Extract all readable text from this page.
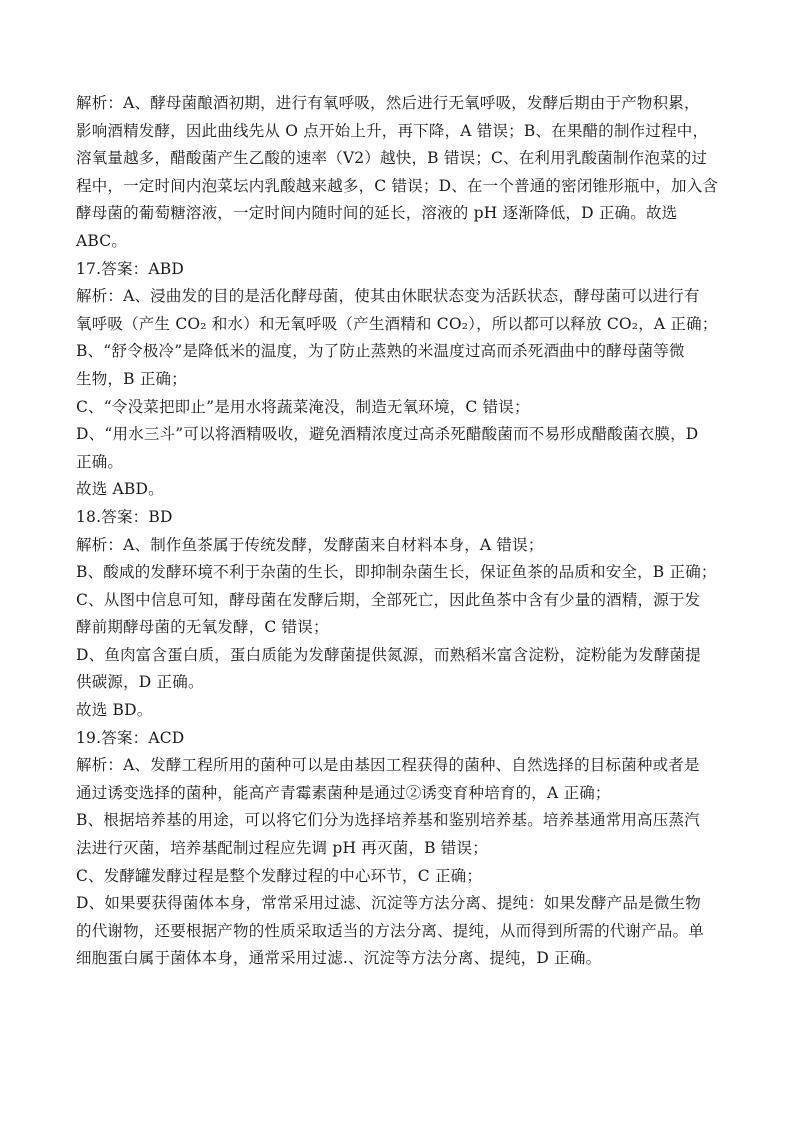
解析：A、酵母菌酿酒初期，进行有氧呼吸，然后进行无氧呼吸，发酵后期由于产物积累，
影响酒精发酵，因此曲线先从 O 点开始上升，再下降，A 错误；B、在果醋的制作过程中，
溶氧量越多，醋酸菌产生乙酸的速率（V2）越快，B 错误；C、在利用乳酸菌制作泡菜的过
程中，一定时间内泡菜坛内乳酸越来越多，C 错误；D、在一个普通的密闭锥形瓶中，加入含
酵母菌的葡萄糖溶液，一定时间内随时间的延长，溶液的 pH 逐渐降低，D 正确。故选
ABC。
17.答案：ABD
解析：A、浸曲发的目的是活化酵母菌，使其由休眠状态变为活跃状态，酵母菌可以进行有
氧呼吸（产生 CO₂ 和水）和无氧呼吸（产生酒精和 CO₂），所以都可以释放 CO₂，A 正确；
B、“舒令极冷”是降低米的温度，为了防止蒸熟的米温度过高而杀死酒曲中的酵母菌等微
生物，B 正确；
C、“令没菜把即止”是用水将蔬菜淹没，制造无氧环境，C 错误；
D、“用水三斗”可以将酒精吸收，避免酒精浓度过高杀死醋酸菌而不易形成醋酸菌衣膜，D
正确。
故选 ABD。
18.答案：BD
解析：A、制作鱼茶属于传统发酵，发酵菌来自材料本身，A 错误；
B、酸咸的发酵环境不利于杂菌的生长，即抑制杂菌生长，保证鱼茶的品质和安全，B 正确；
C、从图中信息可知，酵母菌在发酵后期，全部死亡，因此鱼茶中含有少量的酒精，源于发
酵前期酵母菌的无氧发酵，C 错误；
D、鱼肉富含蛋白质，蛋白质能为发酵菌提供氮源，而熟稻米富含淀粉，淀粉能为发酵菌提
供碳源，D 正确。
故选 BD。
19.答案：ACD
解析：A、发酵工程所用的菌种可以是由基因工程获得的菌种、自然选择的目标菌种或者是
通过诱变选择的菌种，能高产青霉素菌种是通过②诱变育种培育的，A 正确；
B、根据培养基的用途，可以将它们分为选择培养基和鉴别培养基。培养基通常用高压蒸汽
法进行灭菌，培养基配制过程应先调 pH 再灭菌，B 错误；
C、发酵罐发酵过程是整个发酵过程的中心环节，C 正确；
D、如果要获得菌体本身，常常采用过滤、沉淀等方法分离、提纯：如果发酵产品是微生物
的代谢物，还要根据产物的性质采取适当的方法分离、提纯，从而得到所需的代谢产品。单
细胞蛋白属于菌体本身，通常采用过滤.、沉淀等方法分离、提纯，D 正确。
